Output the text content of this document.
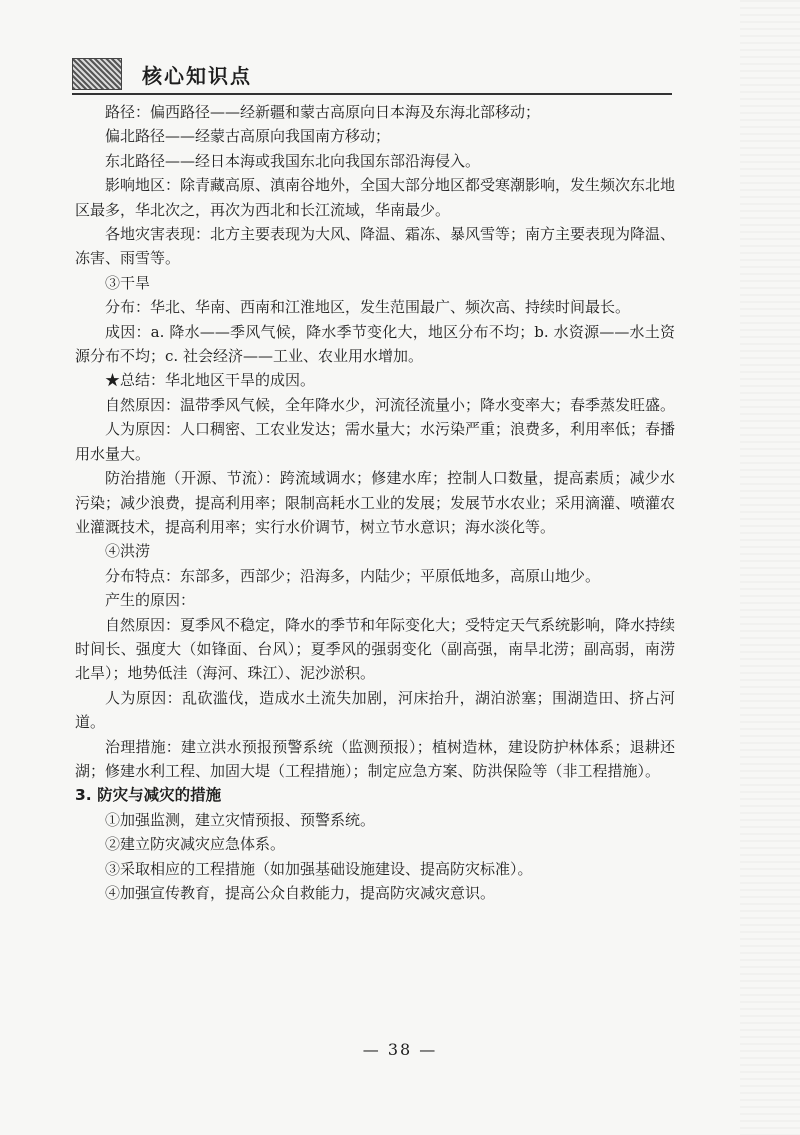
核心知识点

路径：偏西路径——经新疆和蒙古高原向日本海及东海北部移动；

偏北路径——经蒙古高原向我国南方移动；

东北路径——经日本海或我国东北向我国东部沿海侵入。

影响地区：除青藏高原、滇南谷地外，全国大部分地区都受寒潮影响，发生频次东北地区最多，华北次之，再次为西北和长江流域，华南最少。

各地灾害表现：北方主要表现为大风、降温、霜冻、暴风雪等；南方主要表现为降温、冻害、雨雪等。

③干旱

分布：华北、华南、西南和江淮地区，发生范围最广、频次高、持续时间最长。

成因：a. 降水——季风气候，降水季节变化大，地区分布不均；b. 水资源——水土资源分布不均；c. 社会经济——工业、农业用水增加。

★总结：华北地区干旱的成因。

自然原因：温带季风气候，全年降水少，河流径流量小；降水变率大；春季蒸发旺盛。

人为原因：人口稠密、工农业发达；需水量大；水污染严重；浪费多，利用率低；春播用水量大。

防治措施（开源、节流）：跨流域调水；修建水库；控制人口数量，提高素质；减少水污染；减少浪费，提高利用率；限制高耗水工业的发展；发展节水农业；采用滴灌、喷灌农业灌溉技术，提高利用率；实行水价调节，树立节水意识；海水淡化等。

④洪涝

分布特点：东部多，西部少；沿海多，内陆少；平原低地多，高原山地少。

产生的原因：

自然原因：夏季风不稳定，降水的季节和年际变化大；受特定天气系统影响，降水持续时间长、强度大（如锋面、台风）；夏季风的强弱变化（副高强，南旱北涝；副高弱，南涝北旱）；地势低洼（海河、珠江）、泥沙淤积。

人为原因：乱砍滥伐，造成水土流失加剧，河床抬升，湖泊淤塞；围湖造田、挤占河道。

治理措施：建立洪水预报预警系统（监测预报）；植树造林，建设防护林体系；退耕还湖；修建水利工程、加固大堤（工程措施）；制定应急方案、防洪保险等（非工程措施）。

3. 防灾与减灾的措施

①加强监测，建立灾情预报、预警系统。

②建立防灾减灾应急体系。

③采取相应的工程措施（如加强基础设施建设、提高防灾标准）。

④加强宣传教育，提高公众自救能力，提高防灾减灾意识。

— 38 —
